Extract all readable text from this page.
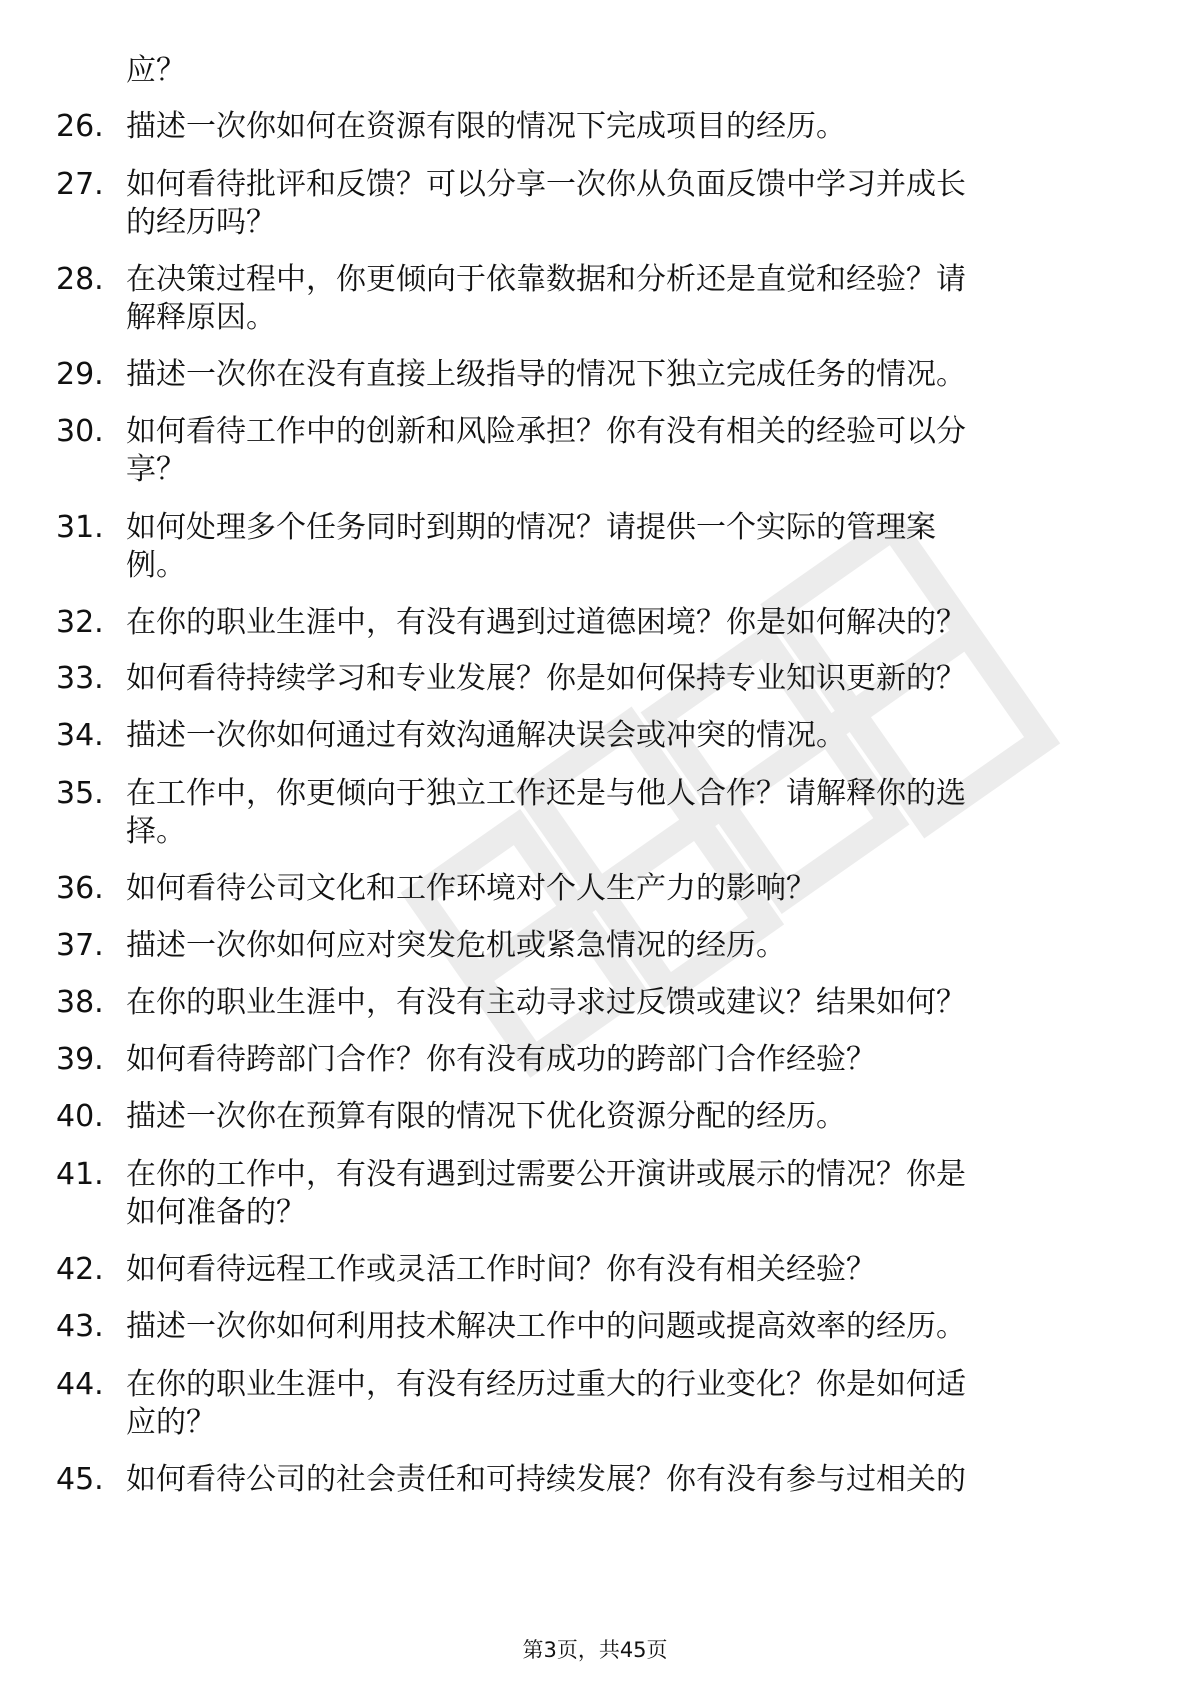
应？
26. 描述一次你如何在资源有限的情况下完成项目的经历。
27. 如何看待批评和反馈？可以分享一次你从负面反馈中学习并成长
的经历吗？
28. 在决策过程中，你更倾向于依靠数据和分析还是直觉和经验？请
解释原因。
29. 描述一次你在没有直接上级指导的情况下独立完成任务的情况。
30. 如何看待工作中的创新和风险承担？你有没有相关的经验可以分
享？
31. 如何处理多个任务同时到期的情况？请提供一个实际的管理案
例。
32. 在你的职业生涯中，有没有遇到过道德困境？你是如何解决的？
33. 如何看待持续学习和专业发展？你是如何保持专业知识更新的？
34. 描述一次你如何通过有效沟通解决误会或冲突的情况。
35. 在工作中，你更倾向于独立工作还是与他人合作？请解释你的选
择。
36. 如何看待公司文化和工作环境对个人生产力的影响？
37. 描述一次你如何应对突发危机或紧急情况的经历。
38. 在你的职业生涯中，有没有主动寻求过反馈或建议？结果如何？
39. 如何看待跨部门合作？你有没有成功的跨部门合作经验？
40. 描述一次你在预算有限的情况下优化资源分配的经历。
41. 在你的工作中，有没有遇到过需要公开演讲或展示的情况？你是
如何准备的？
42. 如何看待远程工作或灵活工作时间？你有没有相关经验？
43. 描述一次你如何利用技术解决工作中的问题或提高效率的经历。
44. 在你的职业生涯中，有没有经历过重大的行业变化？你是如何适
应的？
45. 如何看待公司的社会责任和可持续发展？你有没有参与过相关的
第3页，共45页
